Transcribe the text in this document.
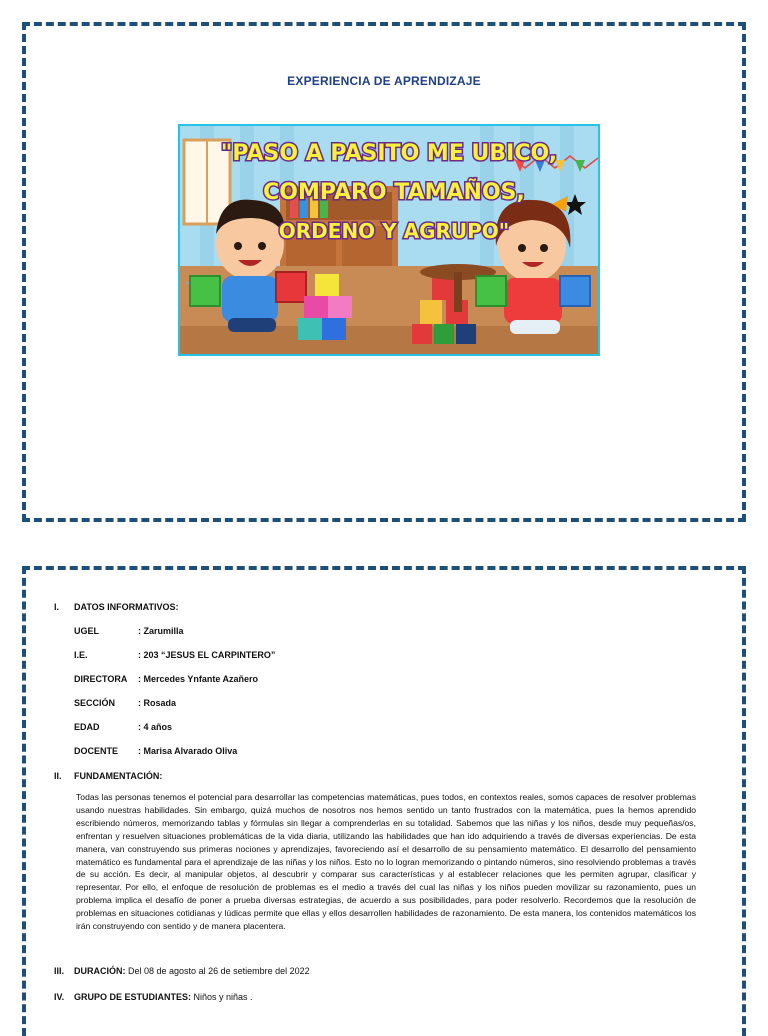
EXPERIENCIA DE APRENDIZAJE
"PASO A PASITO ME UBICO,
COMPARO TAMAÑOS,
ORDENO Y AGRUPO"
I. DATOS INFORMATIVOS:
UGEL	: Zarumilla
I.E.	: 203 “JESUS EL CARPINTERO”
DIRECTORA : Mercedes Ynfante Azañero
SECCIÓN	: Rosada
EDAD	: 4 años
DOCENTE : Marisa Alvarado Oliva
II. FUNDAMENTACIÓN:
Todas las personas tenemos el potencial para desarrollar las competencias matemáticas, pues todos, en contextos reales, somos capaces de resolver problemas usando nuestras habilidades. Sin embargo, quizá muchos de nosotros nos hemos sentido un tanto frustrados con la matemática, pues la hemos aprendido escribiendo números, memorizando tablas y fórmulas sin llegar a comprenderlas en su totalidad. Sabemos que las niñas y los niños, desde muy pequeñas/os, enfrentan y resuelven situaciones problemáticas de la vida diaria, utilizando las habilidades que han ido adquiriendo a través de diversas experiencias. De esta manera, van construyendo sus primeras nociones y aprendizajes, favoreciendo así el desarrollo de su pensamiento matemático. El desarrollo del pensamiento matemático es fundamental para el aprendizaje de las niñas y los niños. Esto no lo logran memorizando o pintando números, sino resolviendo problemas a través de su acción. Es decir, al manipular objetos, al descubrir y comparar sus características y al establecer relaciones que les permiten agrupar, clasificar y representar. Por ello, el enfoque de resolución de problemas es el medio a través del cual las niñas y los niños pueden movilizar su razonamiento, pues un problema implica el desafío de poner a prueba diversas estrategias, de acuerdo a sus posibilidades, para poder resolverlo. Recordemos que la resolución de problemas en situaciones cotidianas y lúdicas permite que ellas y ellos desarrollen habilidades de razonamiento. De esta manera, los contenidos matemáticos los irán construyendo con sentido y de manera placentera.
III. DURACIÓN: Del 08 de agosto al 26 de setiembre del 2022
IV. GRUPO DE ESTUDIANTES: Niños y niñas .
